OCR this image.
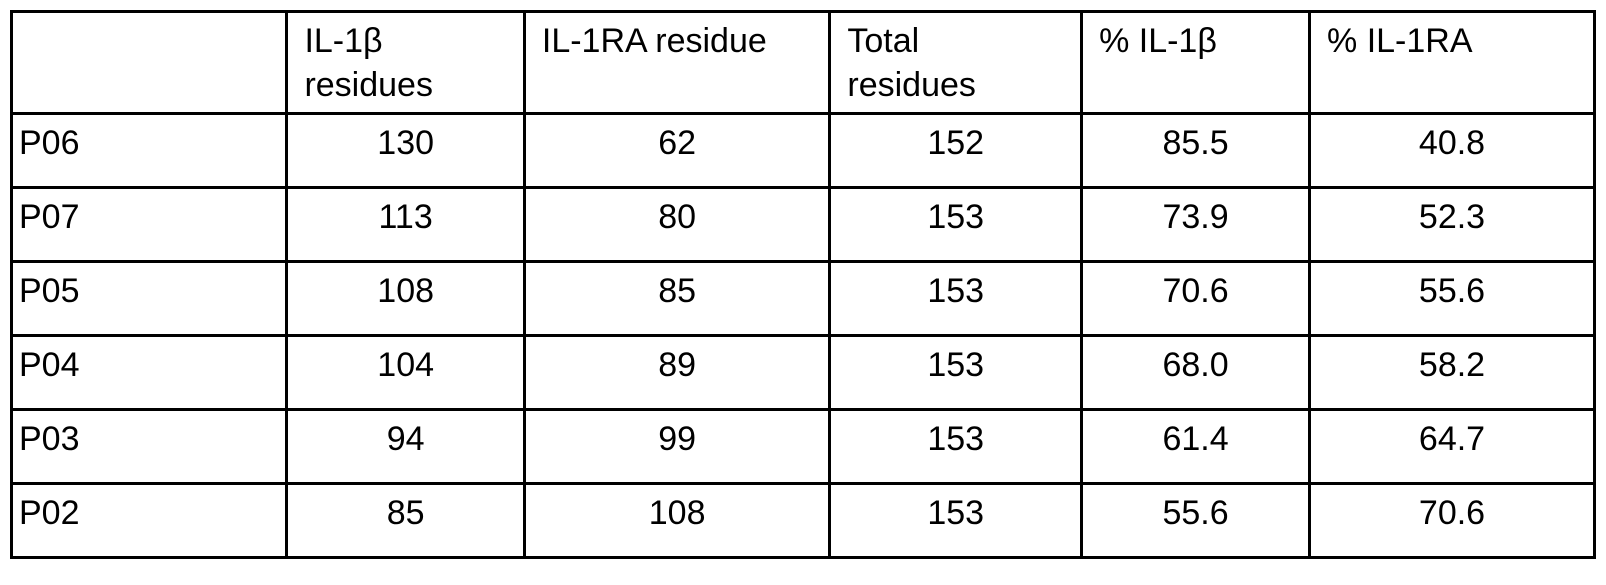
	IL-1β residues	IL-1RA residue	Total residues	% IL-1β	% IL-1RA
P06	130	62	152	85.5	40.8
P07	113	80	153	73.9	52.3
P05	108	85	153	70.6	55.6
P04	104	89	153	68.0	58.2
P03	94	99	153	61.4	64.7
P02	85	108	153	55.6	70.6
